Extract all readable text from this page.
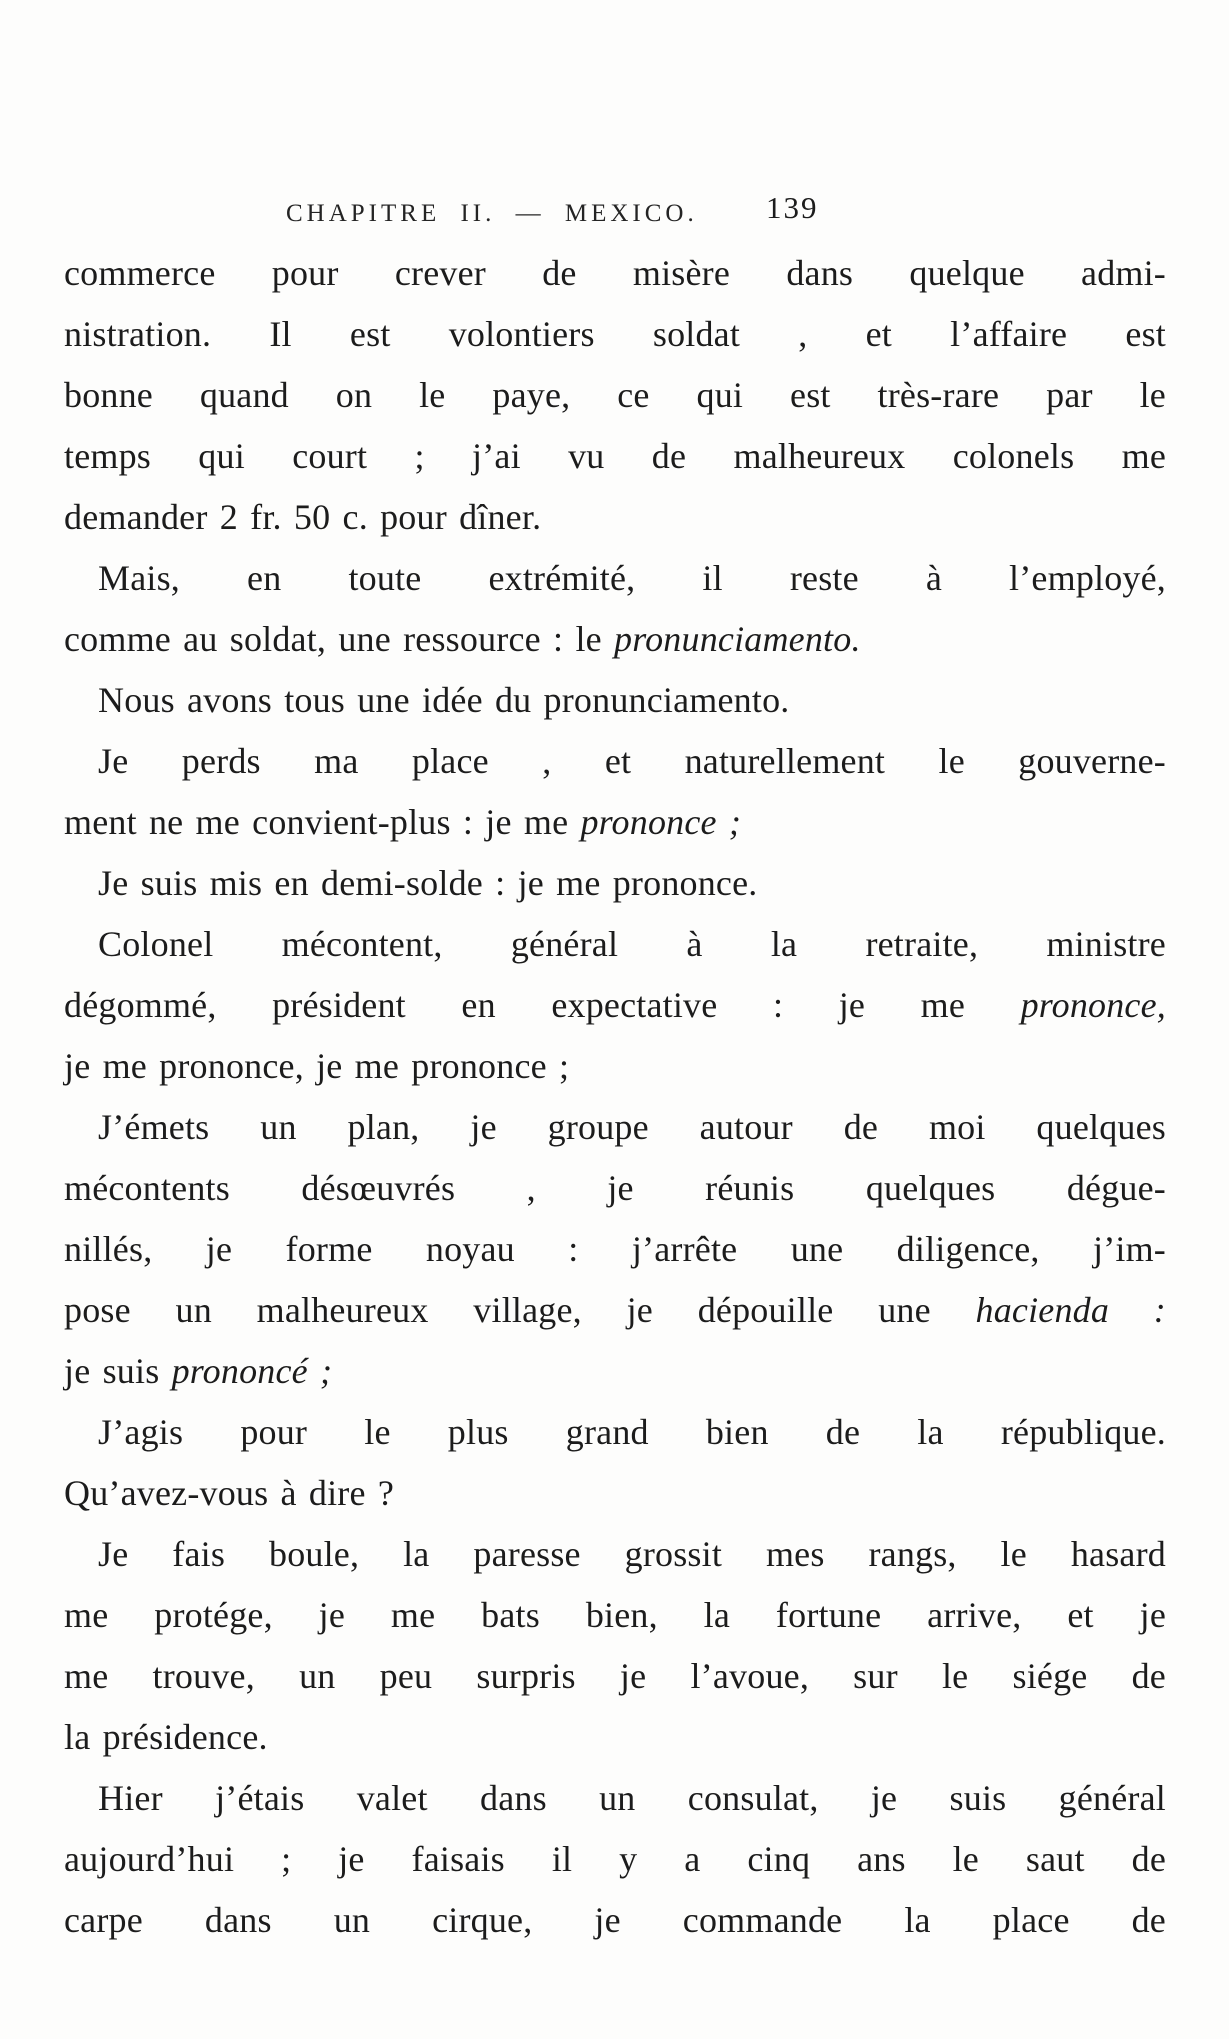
CHAPITRE II. — MEXICO. 139
commerce pour crever de misère dans quelque admi-
nistration. Il est volontiers soldat , et l’affaire est
bonne quand on le paye, ce qui est très-rare par le
temps qui court ; j’ai vu de malheureux colonels me
demander 2 fr. 50 c. pour dîner.
Mais, en toute extrémité, il reste à l’employé,
comme au soldat, une ressource : le pronunciamento.
Nous avons tous une idée du pronunciamento.
Je perds ma place , et naturellement le gouverne-
ment ne me convient-plus : je me prononce ;
Je suis mis en demi-solde : je me prononce.
Colonel mécontent, général à la retraite, ministre
dégommé, président en expectative : je me prononce,
je me prononce, je me prononce ;
J’émets un plan, je groupe autour de moi quelques
mécontents désœuvrés , je réunis quelques dégue-
nillés, je forme noyau : j’arrête une diligence, j’im-
pose un malheureux village, je dépouille une hacienda :
je suis prononcé ;
J’agis pour le plus grand bien de la république.
Qu’avez-vous à dire ?
Je fais boule, la paresse grossit mes rangs, le hasard
me protége, je me bats bien, la fortune arrive, et je
me trouve, un peu surpris je l’avoue, sur le siége de
la présidence.
Hier j’étais valet dans un consulat, je suis général
aujourd’hui ; je faisais il y a cinq ans le saut de
carpe dans un cirque, je commande la place de
